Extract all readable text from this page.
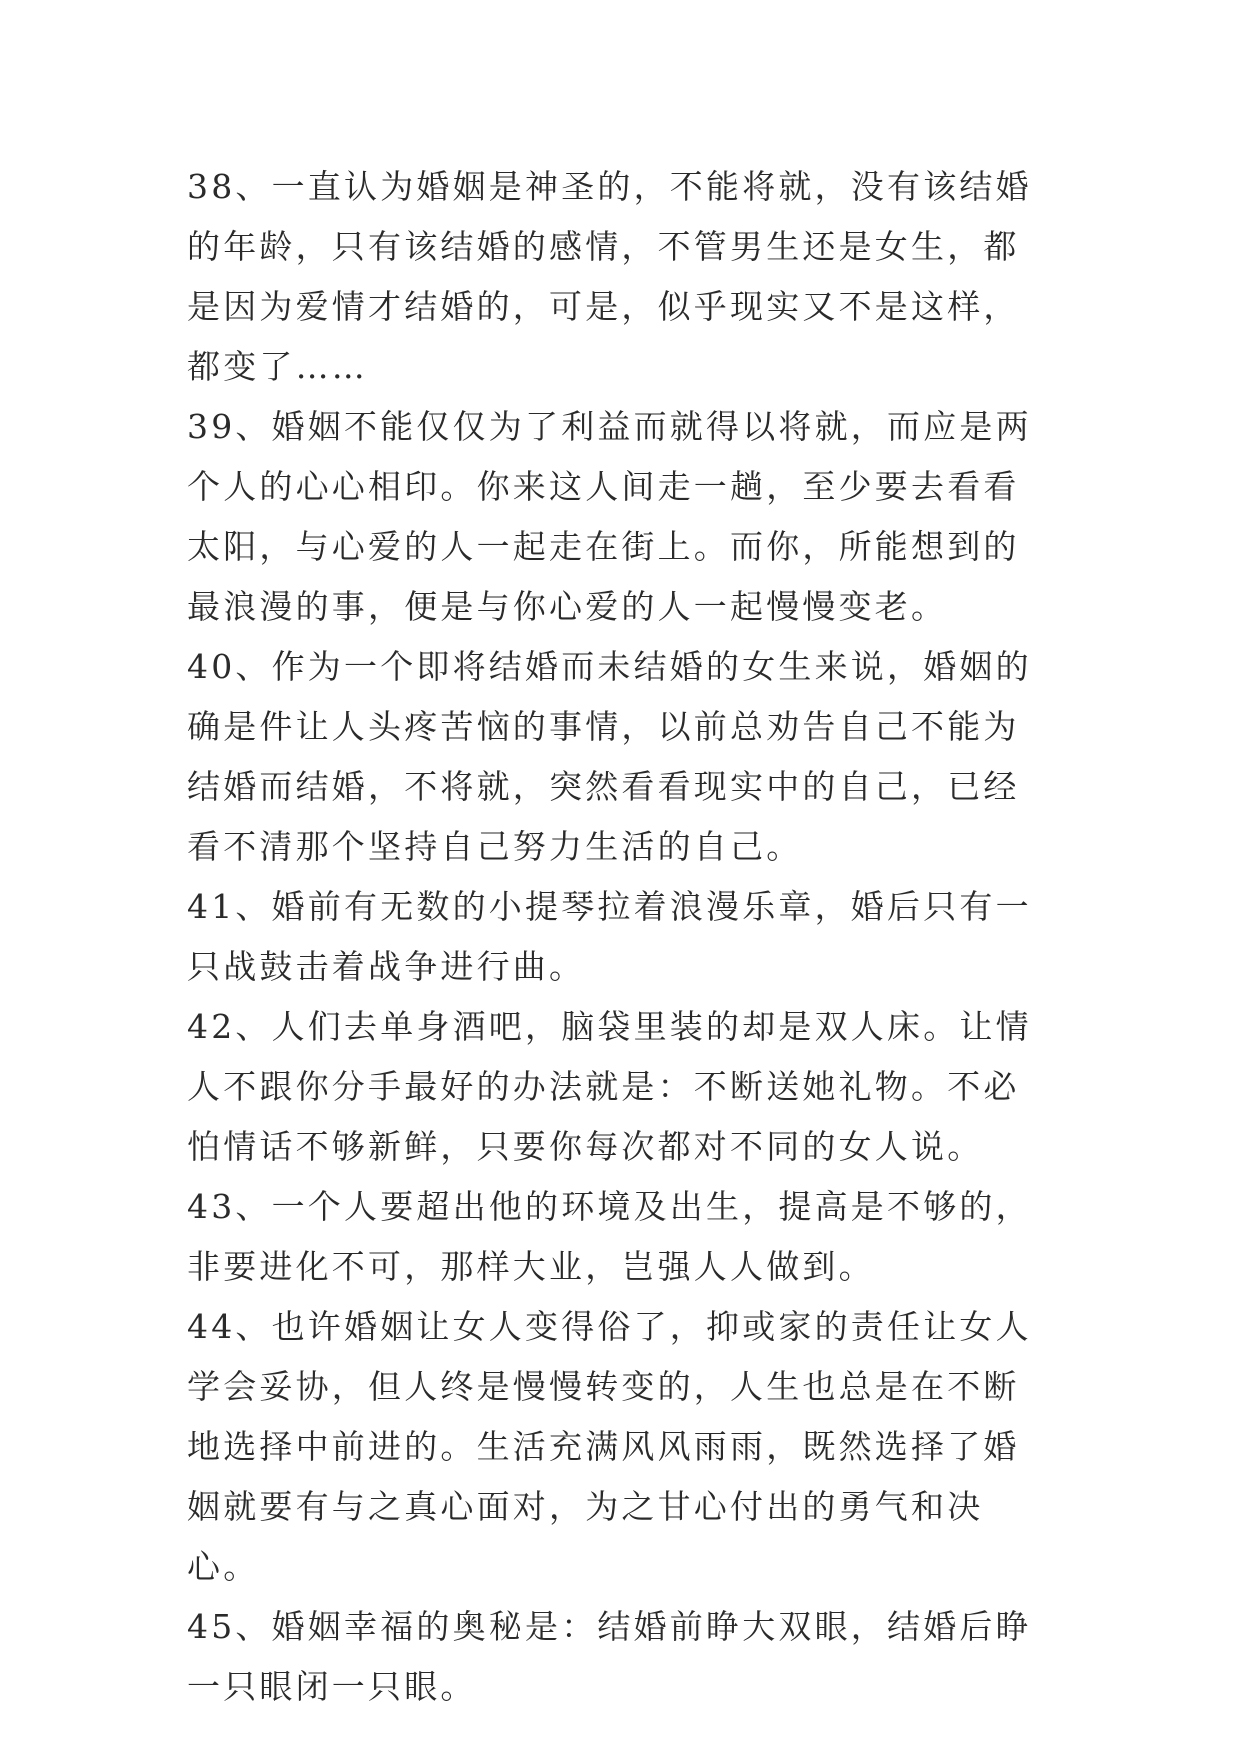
38、一直认为婚姻是神圣的，不能将就，没有该结婚的年龄，只有该结婚的感情，不管男生还是女生，都是因为爱情才结婚的，可是，似乎现实又不是这样，都变了……

39、婚姻不能仅仅为了利益而就得以将就，而应是两个人的心心相印。你来这人间走一趟，至少要去看看太阳，与心爱的人一起走在街上。而你，所能想到的最浪漫的事，便是与你心爱的人一起慢慢变老。

40、作为一个即将结婚而未结婚的女生来说，婚姻的确是件让人头疼苦恼的事情，以前总劝告自己不能为结婚而结婚，不将就，突然看看现实中的自己，已经看不清那个坚持自己努力生活的自己。

41、婚前有无数的小提琴拉着浪漫乐章，婚后只有一只战鼓击着战争进行曲。

42、人们去单身酒吧，脑袋里装的却是双人床。让情人不跟你分手最好的办法就是：不断送她礼物。不必怕情话不够新鲜，只要你每次都对不同的女人说。

43、一个人要超出他的环境及出生，提高是不够的，非要进化不可，那样大业，岂强人人做到。

44、也许婚姻让女人变得俗了，抑或家的责任让女人学会妥协，但人终是慢慢转变的，人生也总是在不断地选择中前进的。生活充满风风雨雨，既然选择了婚姻就要有与之真心面对，为之甘心付出的勇气和决心。

45、婚姻幸福的奥秘是：结婚前睁大双眼，结婚后睁一只眼闭一只眼。
